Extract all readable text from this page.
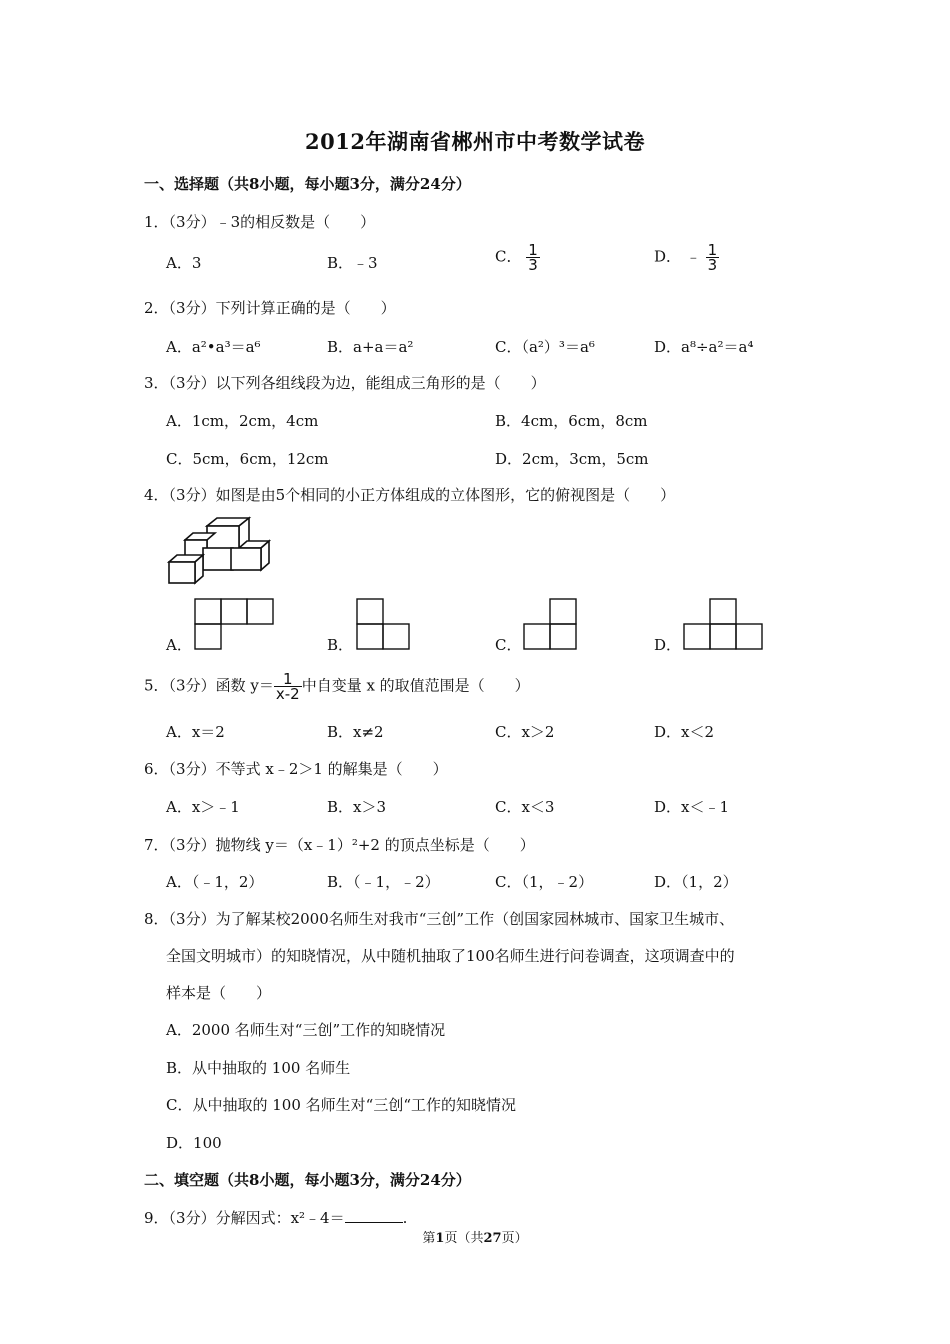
2012年湖南省郴州市中考数学试卷
一、选择题（共8小题，每小题3分，满分24分）
1．（3分）﹣3的相反数是（　　）
A．3	B．﹣3	C． $\frac{1}{3}$	D． ﹣ $\frac{1}{3}$
2．（3分）下列计算正确的是（　　）
A．a²•a³＝a⁶	B．a+a＝a²	C．（a²）³＝a⁶	D．a⁸÷a²＝a⁴
3．（3分）以下列各组线段为边，能组成三角形的是（　　）
A．1cm，2cm，4cm	B．4cm，6cm，8cm
C．5cm，6cm，12cm	D．2cm，3cm，5cm
4．（3分）如图是由5个相同的小正方体组成的立体图形，它的俯视图是（　　）
A．	B．	C．	D．
5．（3分）函数 $y= \frac{1}{x-2}$ 中自变量 x 的取值范围是（　　）
A．x＝2	B．x≠2	C．x＞2	D．x＜2
6．（3分）不等式 x﹣2＞1 的解集是（　　）
A．x＞﹣1	B．x＞3	C．x＜3	D．x＜﹣1
7．（3分）抛物线 y＝（x﹣1）²+2 的顶点坐标是（　　）
A．（﹣1，2）	B．（﹣1，﹣2）	C．（1，﹣2）	D．（1，2）
8．（3分）为了解某校2000名师生对我市“三创”工作（创国家园林城市、国家卫生城市、
全国文明城市）的知晓情况，从中随机抽取了100名师生进行问卷调查，这项调查中的
样本是（　　）
A．2000 名师生对“三创”工作的知晓情况
B．从中抽取的 100 名师生
C．从中抽取的 100 名师生对“三创“工作的知晓情况
D．100
二、填空题（共8小题，每小题3分，满分24分）
9．（3分）分解因式：x²﹣4＝	.
第1页（共27页）
